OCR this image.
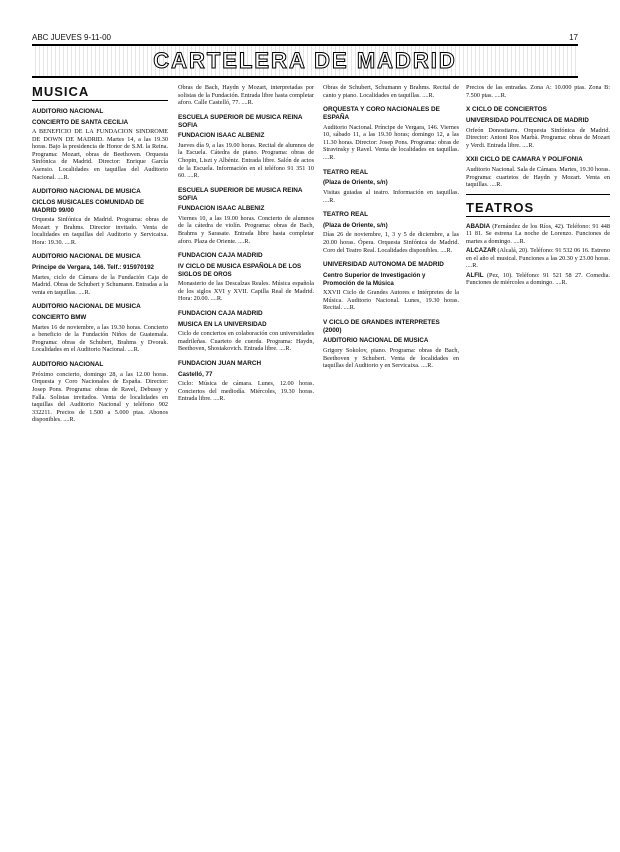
ABC JUEVES 9-11-00	17
CARTELERA DE MADRID
MUSICA
AUDITORIO NACIONAL
CONCIERTO DE SANTA CECILIA

A BENEFICIO DE LA FUNDACION SINDROME DE DOWN DE MADRID. Martes 14, a las 19.30 horas. Bajo la presidencia de Honor de S.M. la Reina. Programa: Mozart, obras de Beethoven. Orquesta Sinfónica de Madrid. Director: Enrique García Asensio. Localidades en taquillas del Auditorio Nacional. ....R.

AUDITORIO NACIONAL DE MUSICA
CICLOS MUSICALES COMUNIDAD DE MADRID 99/00

Orquesta Sinfónica de Madrid. Programa: obras de Mozart y Brahms. Director invitado. Venta de localidades en taquillas del Auditorio y Servicaixa. Hora: 19.30. ....R.

AUDITORIO NACIONAL DE MUSICA
Príncipe de Vergara, 146. Telf.: 915970192

Martes, ciclo de Cámara de la Fundación Caja de Madrid. Obras de Schubert y Schumann. Entradas a la venta en taquillas. ....R.

AUDITORIO NACIONAL DE MUSICA
CONCIERTO BMW

Martes 16 de noviembre, a las 19.30 horas. Concierto a beneficio de la Fundación Niños de Guatemala. Programa: obras de Schubert, Brahms y Dvorak. Localidades en el Auditorio Nacional. ....R.

AUDITORIO NACIONAL

Próximo concierto, domingo 28, a las 12.00 horas. Orquesta y Coro Nacionales de España. Director: Josep Pons. Programa: obras de Ravel, Debussy y Falla. Solistas invitados. Venta de localidades en taquillas del Auditorio Nacional y teléfono 902 332211. Precios de 1.500 a 5.000 ptas. Abonos disponibles. ....R.

Obras de Bach, Haydn y Mozart, interpretadas por solistas de la Fundación. Entrada libre hasta completar aforo. Calle Castelló, 77. ....R.

ESCUELA SUPERIOR DE MUSICA REINA SOFIA
FUNDACION ISAAC ALBENIZ

Jueves día 9, a las 19.00 horas. Recital de alumnos de la Escuela. Cátedra de piano. Programa: obras de Chopin, Liszt y Albéniz. Entrada libre. Salón de actos de la Escuela. Información en el teléfono 91 351 10 60. ....R.

ESCUELA SUPERIOR DE MUSICA REINA SOFIA
FUNDACION ISAAC ALBENIZ

Viernes 10, a las 19.00 horas. Concierto de alumnos de la cátedra de violín. Programa: obras de Bach, Brahms y Sarasate. Entrada libre hasta completar aforo. Plaza de Oriente. ....R.

FUNDACION CAJA MADRID
IV CICLO DE MUSICA ESPAÑOLA DE LOS SIGLOS DE OROS

Monasterio de las Descalzas Reales. Música española de los siglos XVI y XVII. Capilla Real de Madrid. Hora: 20.00. ....R.

FUNDACION CAJA MADRID
MUSICA EN LA UNIVERSIDAD

Ciclo de conciertos en colaboración con universidades madrileñas. Cuarteto de cuerda. Programa: Haydn, Beethoven, Shostakovich. Entrada libre. ....R.

FUNDACION JUAN MARCH
Castelló, 77

Ciclo: Música de cámara. Lunes, 12.00 horas. Conciertos del mediodía. Miércoles, 19.30 horas. Entrada libre. ....R.

Obras de Schubert, Schumann y Brahms. Recital de canto y piano. Localidades en taquillas. ....R.

ORQUESTA Y CORO NACIONALES DE ESPAÑA

Auditorio Nacional. Príncipe de Vergara, 146. Viernes 10, sábado 11, a las 19.30 horas; domingo 12, a las 11.30 horas. Director: Josep Pons. Programa: obras de Stravinsky y Ravel. Venta de localidades en taquillas. ....R.

TEATRO REAL
(Plaza de Oriente, s/n)

Visitas guiadas al teatro. Información en taquillas. ....R.

TEATRO REAL
(Plaza de Oriente, s/n)

Días 26 de noviembre, 1, 3 y 5 de diciembre, a las 20.00 horas. Ópera. Orquesta Sinfónica de Madrid. Coro del Teatro Real. Localidades disponibles. ....R.

UNIVERSIDAD AUTONOMA DE MADRID
Centro Superior de Investigación y Promoción de la Música

XXVII Ciclo de Grandes Autores e Intérpretes de la Música. Auditorio Nacional. Lunes, 19.30 horas. Recital. ....R.

V CICLO DE GRANDES INTERPRETES (2000)
AUDITORIO NACIONAL DE MUSICA

Grigory Sokolov, piano. Programa: obras de Bach, Beethoven y Schubert. Venta de localidades en taquillas del Auditorio y en Servicaixa. ....R.

Precios de las entradas. Zona A: 10.000 ptas. Zona B: 7.500 ptas. ....R.

X CICLO DE CONCIERTOS
UNIVERSIDAD POLITECNICA DE MADRID

Orfeón Donostiarra. Orquesta Sinfónica de Madrid. Director: Antoni Ros Marbà. Programa: obras de Mozart y Verdi. Entrada libre. ....R.

XXII CICLO DE CAMARA Y POLIFONIA

Auditorio Nacional. Sala de Cámara. Martes, 19.30 horas. Programa: cuartetos de Haydn y Mozart. Venta en taquillas. ....R.

TEATROS

ABADIA (Fernández de los Ríos, 42). Teléfono: 91 448 11 81. Se estrena La noche de Lorenzo. Funciones de martes a domingo. ....R.

ALCAZAR (Alcalá, 20). Teléfono: 91 532 06 16. Estreno en el año el musical. Funciones a las 20.30 y 23.00 horas. ....R.

ALFIL (Pez, 10). Teléfono: 91 521 58 27. Comedia. Funciones de miércoles a domingo. ....R.
